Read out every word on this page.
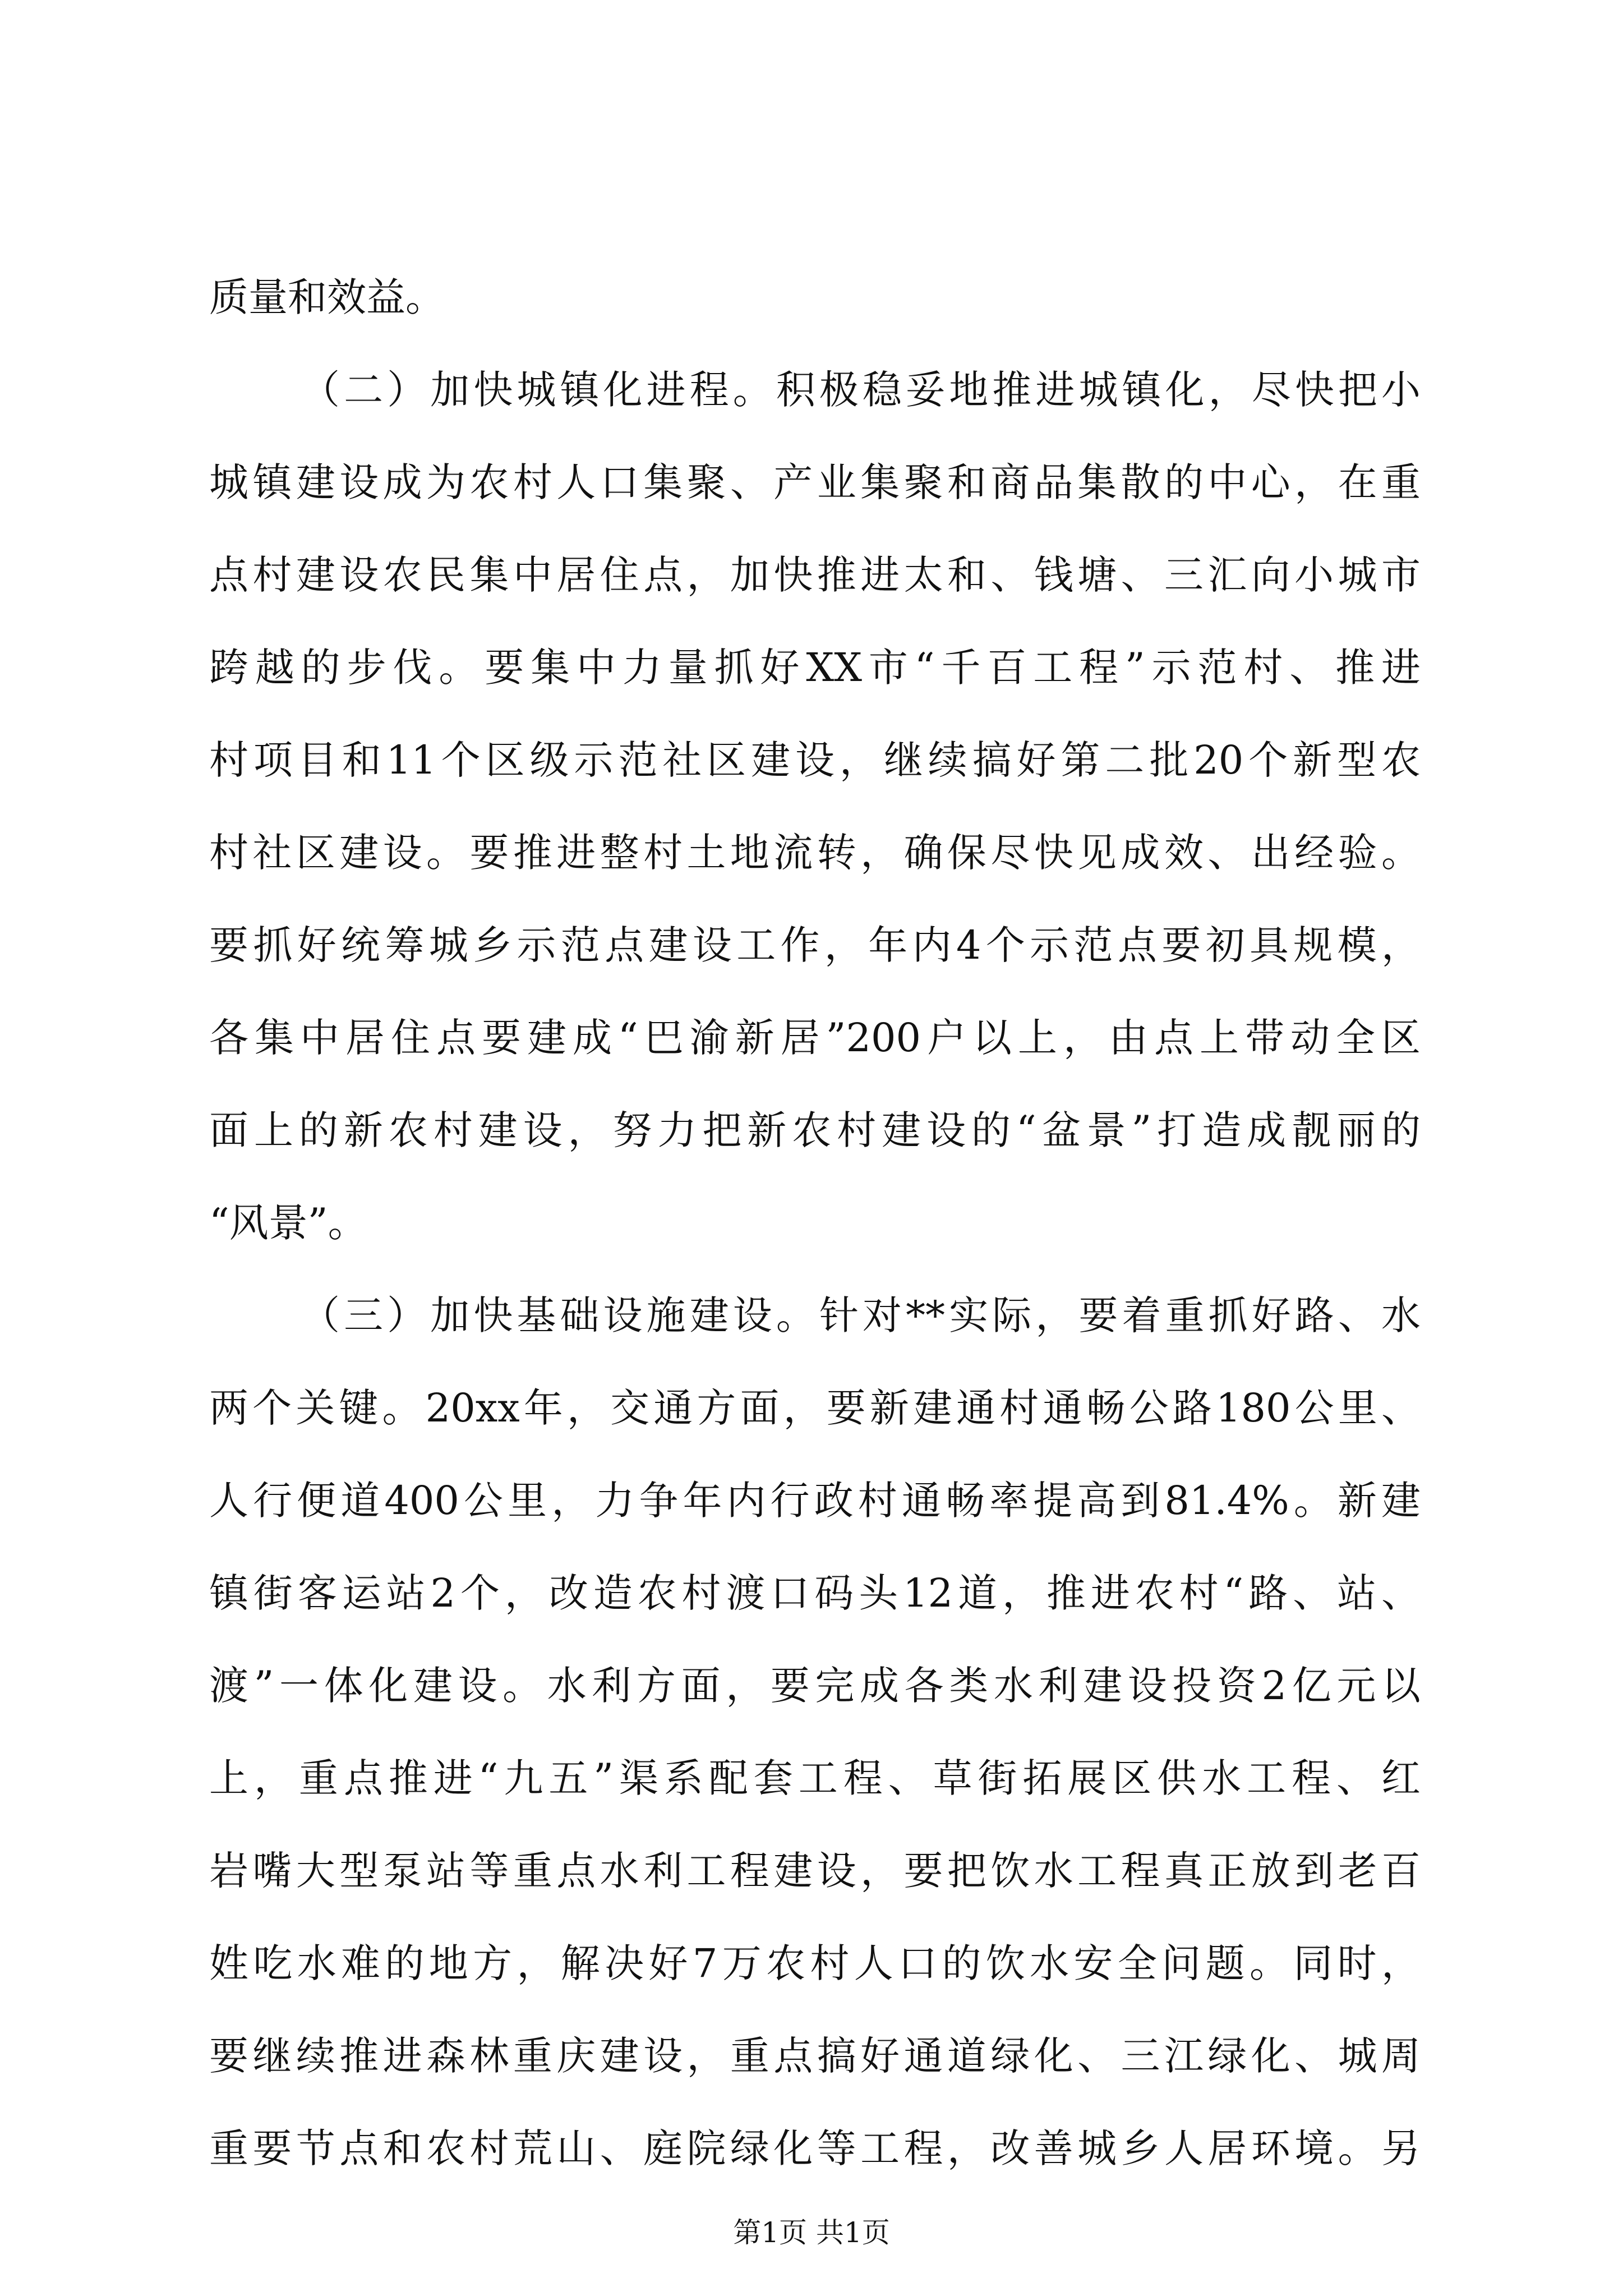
质量和效益。
（二）加快城镇化进程。积极稳妥地推进城镇化，尽快把小
城镇建设成为农村人口集聚、产业集聚和商品集散的中心，在重
点村建设农民集中居住点，加快推进太和、钱塘、三汇向小城市
跨越的步伐。要集中力量抓好XX市“千百工程”示范村、推进
村项目和11个区级示范社区建设，继续搞好第二批20个新型农
村社区建设。要推进整村土地流转，确保尽快见成效、出经验。
要抓好统筹城乡示范点建设工作，年内4个示范点要初具规模，
各集中居住点要建成“巴渝新居”200户以上，由点上带动全区
面上的新农村建设，努力把新农村建设的“盆景”打造成靓丽的
“风景”。
（三）加快基础设施建设。针对**实际，要着重抓好路、水
两个关键。20xx年，交通方面，要新建通村通畅公路180公里、
人行便道400公里，力争年内行政村通畅率提高到81.4%。新建
镇街客运站2个，改造农村渡口码头12道，推进农村“路、站、
渡”一体化建设。水利方面，要完成各类水利建设投资2亿元以
上，重点推进“九五”渠系配套工程、草街拓展区供水工程、红
岩嘴大型泵站等重点水利工程建设，要把饮水工程真正放到老百
姓吃水难的地方，解决好7万农村人口的饮水安全问题。同时，
要继续推进森林重庆建设，重点搞好通道绿化、三江绿化、城周
重要节点和农村荒山、庭院绿化等工程，改善城乡人居环境。另
第1页 共1页
